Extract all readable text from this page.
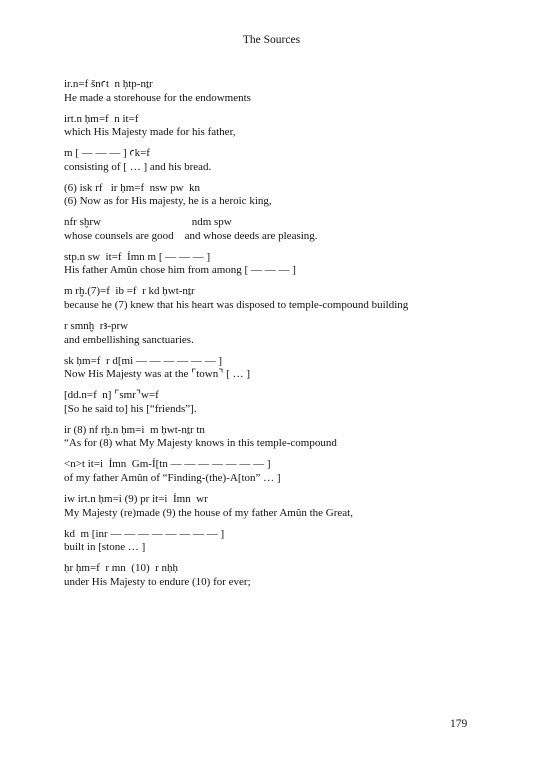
The Sources
ir.n=f šnꜥt  n ḥtp-nṯr
He made a storehouse for the endowments
irt.n ḥm=f  n it=f
which His Majesty made for his father,
m [ — — — ] ꜥk=f
consisting of [ … ] and his bread.
(6) isk rf   ir ḥm=f  nsw pw  kn
(6) Now as for His majesty, he is a heroic king,
nfr sḫrw                                 ndm spw
whose counsels are good    and whose deeds are pleasing.
stp.n sw  it=f  Ỉmn m [ — — — ]
His father Amûn chose him from among [ — — — ]
m rḫ.(7)=f  ib =f  r kd ḥwt-nṯr
because he (7) knew that his heart was disposed to temple-compound building
r smnḫ  rꜣ-prw
and embellishing sanctuaries.
sk ḥm=f  r d[mi — — — — — — ]
Now His Majesty was at the ⌜town⌝ [ … ]
[dd.n=f  n] ⌜smr⌝w=f
[So he said to] his [“friends”].
ir (8) nf rḫ.n ḥm=i  m ḥwt-nṯr tn
“As for (8) what My Majesty knows in this temple-compound
<n>t it=i  Ỉmn  Gm-Ỉ[tn — — — — — — — ]
of my father Amûn of “Finding-(the)-A[ton” … ]
iw irt.n ḥm=i (9) pr it=i  Ỉmn  wr
My Majesty (re)made (9) the house of my father Amûn the Great,
kd  m [inr — — — — — — — — ]
built in [stone … ]
ḥr ḥm=f  r mn  (10)  r nḥḥ
under His Majesty to endure (10) for ever;
179
